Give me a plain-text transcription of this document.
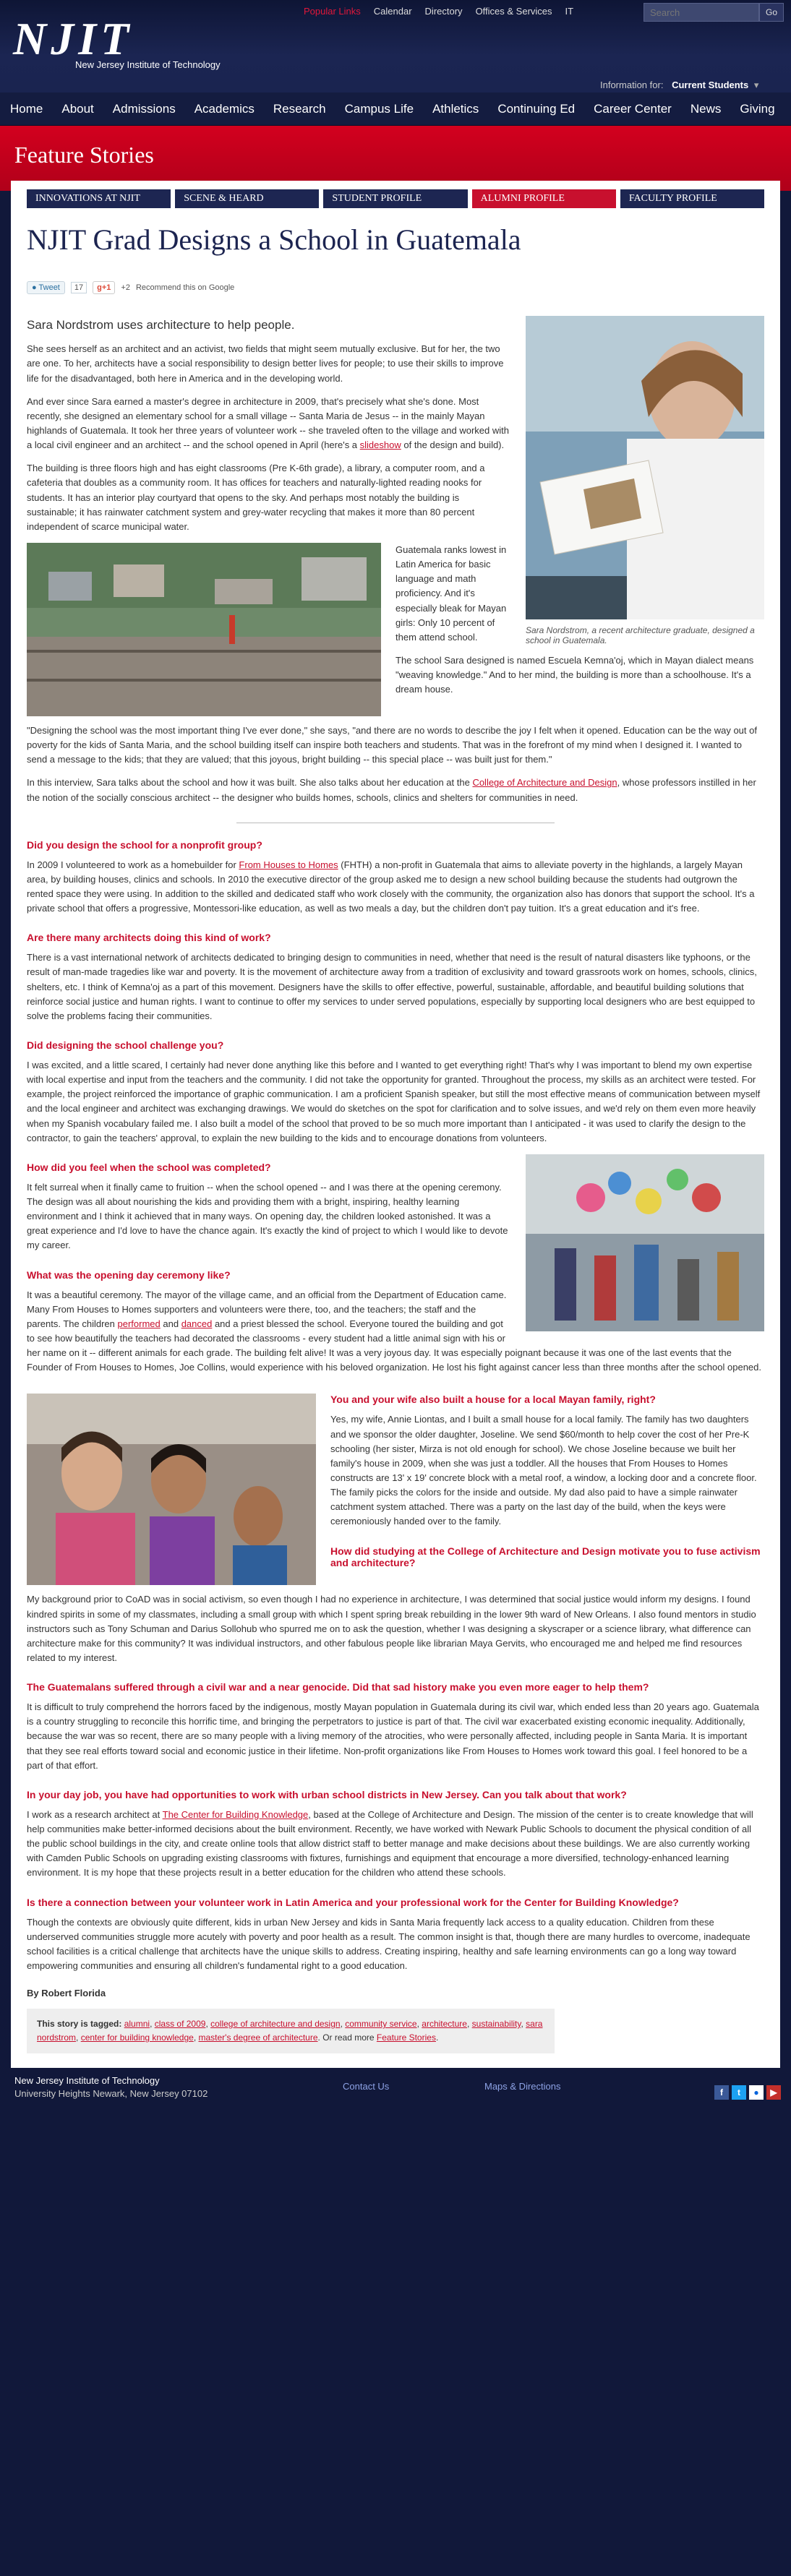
NJIT
New Jersey Institute of Technology
Popular Links Calendar Directory Offices & Services IT
Search	Go
Information for: Current Students ▾
Home About Admissions Academics Research Campus Life Athletics Continuing Ed Career Center News Giving
Feature Stories
INNOVATIONS AT NJIT	SCENE & HEARD	STUDENT PROFILE	ALUMNI PROFILE	FACULTY PROFILE
NJIT Grad Designs a School in Guatemala
● Tweet	17	g+1	+2 Recommend this on Google
Sara Nordstrom, a recent architecture graduate, designed a school in Guatemala.

Sara Nordstrom uses architecture to help people.

She sees herself as an architect and an activist, two fields that might seem mutually exclusive. But for her, the two are one. To her, architects have a social responsibility to design better lives for people; to use their skills to improve life for the disadvantaged, both here in America and in the developing world.

And ever since Sara earned a master's degree in architecture in 2009, that's precisely what she's done. Most recently, she designed an elementary school for a small village -- Santa Maria de Jesus -- in the mainly Mayan highlands of Guatemala. It took her three years of volunteer work -- she traveled often to the village and worked with a local civil engineer and an architect -- and the school opened in April (here's a slideshow of the design and build).

The building is three floors high and has eight classrooms (Pre K-6th grade), a library, a computer room, and a cafeteria that doubles as a community room. It has offices for teachers and naturally-lighted reading nooks for students. It has an interior play courtyard that opens to the sky. And perhaps most notably the building is sustainable; it has rainwater catchment system and grey-water recycling that makes it more than 80 percent independent of scarce municipal water.

Guatemala ranks lowest in Latin America for basic language and math proficiency. And it's especially bleak for Mayan girls: Only 10 percent of them attend school.

The school Sara designed is named Escuela Kemna'oj, which in Mayan dialect means "weaving knowledge." And to her mind, the building is more than a schoolhouse. It's a dream house.

"Designing the school was the most important thing I've ever done," she says, "and there are no words to describe the joy I felt when it opened. Education can be the way out of poverty for the kids of Santa Maria, and the school building itself can inspire both teachers and students. That was in the forefront of my mind when I designed it. I wanted to send a message to the kids; that they are valued; that this joyous, bright building -- this special place -- was built just for them."

In this interview, Sara talks about the school and how it was built. She also talks about her education at the College of Architecture and Design, whose professors instilled in her the notion of the socially conscious architect -- the designer who builds homes, schools, clinics and shelters for communities in need.

Did you design the school for a nonprofit group?

In 2009 I volunteered to work as a homebuilder for From Houses to Homes (FHTH) a non-profit in Guatemala that aims to alleviate poverty in the highlands, a largely Mayan area, by building houses, clinics and schools. In 2010 the executive director of the group asked me to design a new school building because the students had outgrown the rented space they were using. In addition to the skilled and dedicated staff who work closely with the community, the organization also has donors that support the school. It's a private school that offers a progressive, Montessori-like education, as well as two meals a day, but the children don't pay tuition. It's a great education and it's free.

Are there many architects doing this kind of work?

There is a vast international network of architects dedicated to bringing design to communities in need, whether that need is the result of natural disasters like typhoons, or the result of man-made tragedies like war and poverty. It is the movement of architecture away from a tradition of exclusivity and toward grassroots work on homes, schools, clinics, shelters, etc. I think of Kemna'oj as a part of this movement. Designers have the skills to offer effective, powerful, sustainable, affordable, and beautiful building solutions that reinforce social justice and human rights. I want to continue to offer my services to under served populations, especially by supporting local designers who are best equipped to solve the problems facing their communities.

Did designing the school challenge you?

I was excited, and a little scared, I certainly had never done anything like this before and I wanted to get everything right! That's why I was important to blend my own expertise with local expertise and input from the teachers and the community. I did not take the opportunity for granted. Throughout the process, my skills as an architect were tested. For example, the project reinforced the importance of graphic communication. I am a proficient Spanish speaker, but still the most effective means of communication between myself and the local engineer and architect was exchanging drawings. We would do sketches on the spot for clarification and to solve issues, and we'd rely on them even more heavily when my Spanish vocabulary failed me. I also built a model of the school that proved to be so much more important than I anticipated - it was used to clarify the design to the contractor, to gain the teachers' approval, to explain the new building to the kids and to encourage donations from volunteers.

How did you feel when the school was completed?

It felt surreal when it finally came to fruition -- when the school opened -- and I was there at the opening ceremony. The design was all about nourishing the kids and providing them with a bright, inspiring, healthy learning environment and I think it achieved that in many ways. On opening day, the children looked astonished. It was a great experience and I'd love to have the chance again. It's exactly the kind of project to which I would like to devote my career.

What was the opening day ceremony like?

It was a beautiful ceremony. The mayor of the village came, and an official from the Department of Education came. Many From Houses to Homes supporters and volunteers were there, too, and the teachers; the staff and the parents. The children performed and danced and a priest blessed the school. Everyone toured the building and got to see how beautifully the teachers had decorated the classrooms - every student had a little animal sign with his or her name on it -- different animals for each grade. The building felt alive! It was a very joyous day. It was especially poignant because it was one of the last events that the Founder of From Houses to Homes, Joe Collins, would experience with his beloved organization. He lost his fight against cancer less than three months after the school opened.

You and your wife also built a house for a local Mayan family, right?

Yes, my wife, Annie Liontas, and I built a small house for a local family. The family has two daughters and we sponsor the older daughter, Joseline. We send $60/month to help cover the cost of her Pre-K schooling (her sister, Mirza is not old enough for school). We chose Joseline because we built her family's house in 2009, when she was just a toddler. All the houses that From Houses to Homes constructs are 13' x 19' concrete block with a metal roof, a window, a locking door and a concrete floor. The family picks the colors for the inside and outside. My dad also paid to have a simple rainwater catchment system attached. There was a party on the last day of the build, when the keys were ceremoniously handed over to the family.

How did studying at the College of Architecture and Design motivate you to fuse activism and architecture?

My background prior to CoAD was in social activism, so even though I had no experience in architecture, I was determined that social justice would inform my designs. I found kindred spirits in some of my classmates, including a small group with which I spent spring break rebuilding in the lower 9th ward of New Orleans. I also found mentors in studio instructors such as Tony Schuman and Darius Sollohub who spurred me on to ask the question, whether I was designing a skyscraper or a science library, what difference can architecture make for this community? It was individual instructors, and other fabulous people like librarian Maya Gervits, who encouraged me and helped me find resources related to my interest.

The Guatemalans suffered through a civil war and a near genocide. Did that sad history make you even more eager to help them?

It is difficult to truly comprehend the horrors faced by the indigenous, mostly Mayan population in Guatemala during its civil war, which ended less than 20 years ago. Guatemala is a country struggling to reconcile this horrific time, and bringing the perpetrators to justice is part of that. The civil war exacerbated existing economic inequality. Additionally, because the war was so recent, there are so many people with a living memory of the atrocities, who were personally affected, including people in Santa Maria. It is important that they see real efforts toward social and economic justice in their lifetime. Non-profit organizations like From Houses to Homes work toward this goal. I feel honored to be a part of that effort.

In your day job, you have had opportunities to work with urban school districts in New Jersey. Can you talk about that work?

I work as a research architect at The Center for Building Knowledge, based at the College of Architecture and Design. The mission of the center is to create knowledge that will help communities make better-informed decisions about the built environment. Recently, we have worked with Newark Public Schools to document the physical condition of all the public school buildings in the city, and create online tools that allow district staff to better manage and make decisions about these buildings. We are also currently working with Camden Public Schools on upgrading existing classrooms with fixtures, furnishings and equipment that encourage a more diversified, technology-enhanced learning environment. It is my hope that these projects result in a better education for the children who attend these schools.

Is there a connection between your volunteer work in Latin America and your professional work for the Center for Building Knowledge?

Though the contexts are obviously quite different, kids in urban New Jersey and kids in Santa Maria frequently lack access to a quality education. Children from these underserved communities struggle more acutely with poverty and poor health as a result. The common insight is that, though there are many hurdles to overcome, inadequate school facilities is a critical challenge that architects have the unique skills to address. Creating inspiring, healthy and safe learning environments can go a long way toward empowering communities and ensuring all children's fundamental right to a good education.

By Robert Florida
This story is tagged: alumni, class of 2009, college of architecture and design, community service, architecture, sustainability, sara nordstrom, center for building knowledge, master's degree of architecture. Or read more Feature Stories.
New Jersey Institute of Technology
University Heights Newark, New Jersey 07102
Contact Us	Maps & Directions
f	t	●	▶
